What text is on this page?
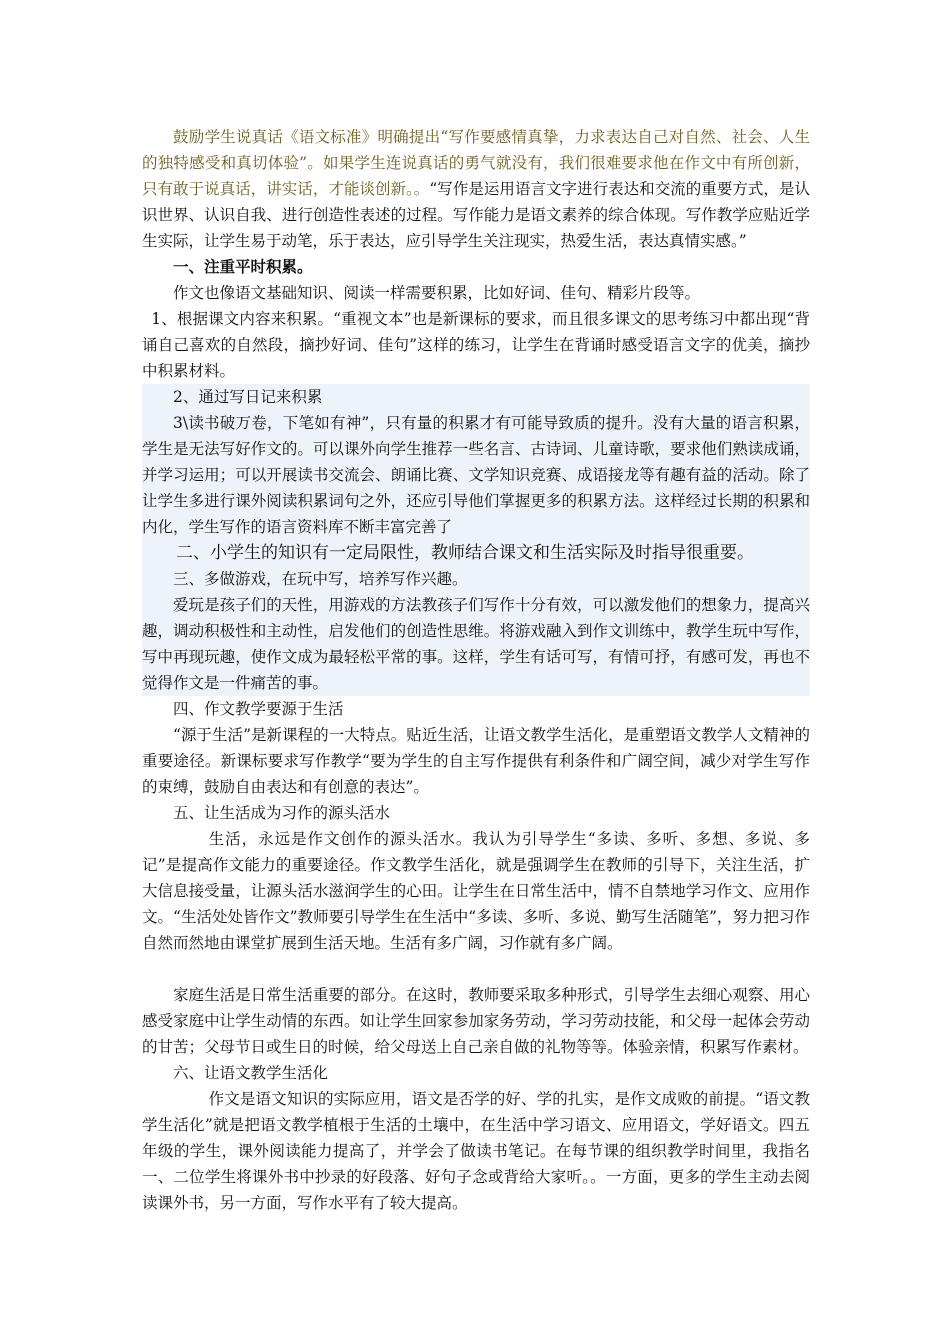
鼓励学生说真话《语文标准》明确提出“写作要感情真挚，力求表达自己对自然、社会、人生的独特感受和真切体验”。如果学生连说真话的勇气就没有，我们很难要求他在作文中有所创新，只有敢于说真话，讲实话，才能谈创新。。“写作是运用语言文字进行表达和交流的重要方式，是认识世界、认识自我、进行创造性表述的过程。写作能力是语文素养的综合体现。写作教学应贴近学生实际，让学生易于动笔，乐于表达，应引导学生关注现实，热爱生活，表达真情实感。”

一、注重平时积累。

作文也像语文基础知识、阅读一样需要积累，比如好词、佳句、精彩片段等。

1、根据课文内容来积累。“重视文本”也是新课标的要求，而且很多课文的思考练习中都出现“背诵自己喜欢的自然段，摘抄好词、佳句”这样的练习，让学生在背诵时感受语言文字的优美，摘抄中积累材料。

2、通过写日记来积累

3\读书破万卷，下笔如有神”，只有量的积累才有可能导致质的提升。没有大量的语言积累，学生是无法写好作文的。可以课外向学生推荐一些名言、古诗词、儿童诗歌，要求他们熟读成诵，并学习运用；可以开展读书交流会、朗诵比赛、文学知识竞赛、成语接龙等有趣有益的活动。除了让学生多进行课外阅读积累词句之外，还应引导他们掌握更多的积累方法。这样经过长期的积累和内化，学生写作的语言资料库不断丰富完善了

二、小学生的知识有一定局限性，教师结合课文和生活实际及时指导很重要。

三、多做游戏，在玩中写，培养写作兴趣。

爱玩是孩子们的天性，用游戏的方法教孩子们写作十分有效，可以激发他们的想象力，提高兴趣，调动积极性和主动性，启发他们的创造性思维。将游戏融入到作文训练中，教学生玩中写作，写中再现玩趣，使作文成为最轻松平常的事。这样，学生有话可写，有情可抒，有感可发，再也不觉得作文是一件痛苦的事。

四、作文教学要源于生活

“源于生活”是新课程的一大特点。贴近生活，让语文教学生活化，是重塑语文教学人文精神的重要途径。新课标要求写作教学“要为学生的自主写作提供有利条件和广阔空间，减少对学生写作的束缚，鼓励自由表达和有创意的表达”。

五、让生活成为习作的源头活水

生活，永远是作文创作的源头活水。我认为引导学生“多读、多听、多想、多说、多记”是提高作文能力的重要途径。作文教学生活化，就是强调学生在教师的引导下，关注生活，扩大信息接受量，让源头活水滋润学生的心田。让学生在日常生活中，情不自禁地学习作文、应用作文。“生活处处皆作文”教师要引导学生在生活中“多读、多听、多说、勤写生活随笔”，努力把习作自然而然地由课堂扩展到生活天地。生活有多广阔，习作就有多广阔。

家庭生活是日常生活重要的部分。在这时，教师要采取多种形式，引导学生去细心观察、用心感受家庭中让学生动情的东西。如让学生回家参加家务劳动，学习劳动技能，和父母一起体会劳动的甘苦；父母节日或生日的时候，给父母送上自己亲自做的礼物等等。体验亲情，积累写作素材。

六、让语文教学生活化

作文是语文知识的实际应用，语文是否学的好、学的扎实，是作文成败的前提。“语文教学生活化”就是把语文教学植根于生活的土壤中，在生活中学习语文、应用语文，学好语文。四五年级的学生，课外阅读能力提高了，并学会了做读书笔记。在每节课的组织教学时间里，我指名一、二位学生将课外书中抄录的好段落、好句子念或背给大家听。。一方面，更多的学生主动去阅读课外书，另一方面，写作水平有了较大提高。
